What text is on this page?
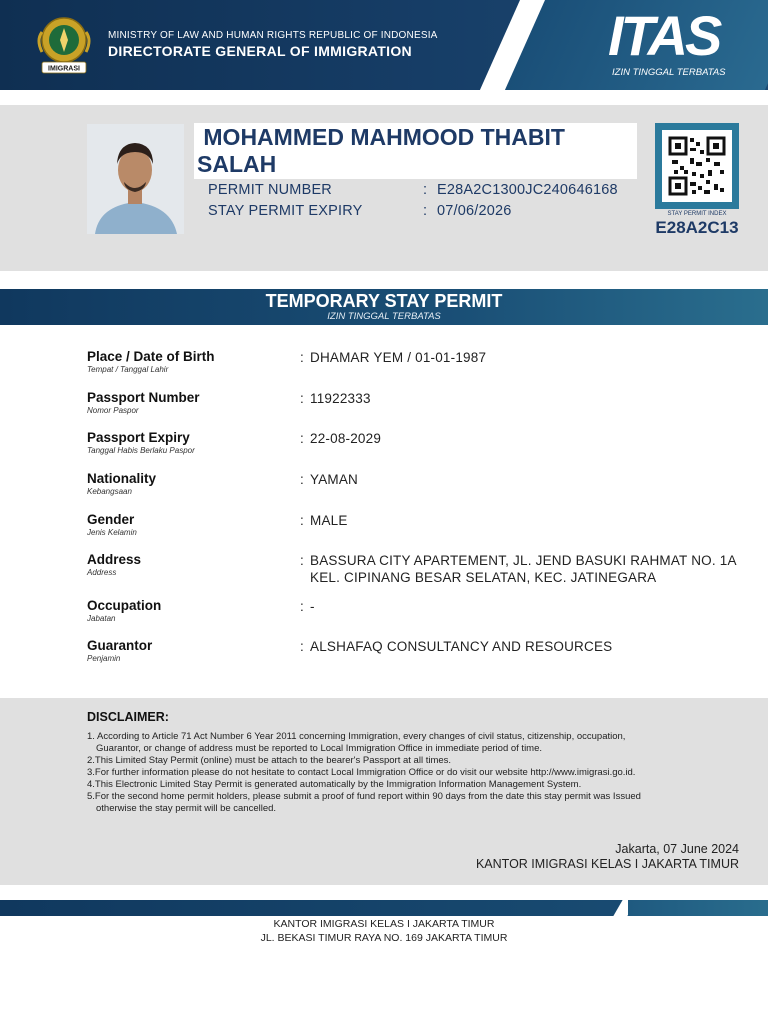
IMIGRASI
MINISTRY OF LAW AND HUMAN RIGHTS REPUBLIC OF INDONESIA
DIRECTORATE GENERAL OF IMMIGRATION	ITAS
IZIN TINGGAL TERBATAS
MOHAMMED MAHMOOD THABIT
SALAH
PERMIT NUMBER	: E28A2C1300JC240646168
STAY PERMIT EXPIRY	: 07/06/2026	STAY PERMIT INDEX
E28A2C13
TEMPORARY STAY PERMIT
IZIN TINGGAL TERBATAS
Place / Date of Birth
Tempat / Tanggal Lahir
: DHAMAR YEM / 01-01-1987
Passport Number
Nomor Paspor
: 11922333
Passport Expiry
Tanggal Habis Berlaku Paspor
: 22-08-2029
Nationality
Kebangsaan
: YAMAN
Gender
Jenis Kelamin
: MALE
Address
Address
: BASSURA CITY APARTEMENT, JL. JEND BASUKI RAHMAT NO. 1A
KEL. CIPINANG BESAR SELATAN, KEC. JATINEGARA
Occupation
Jabatan
: -
Guarantor
Penjamin
: ALSHAFAQ CONSULTANCY AND RESOURCES
DISCLAIMER:
1. According to Article 71 Act Number 6 Year 2011 concerning Immigration, every changes of civil status, citizenship, occupation,
Guarantor, or change of address must be reported to Local Immigration Office in immediate period of time.
2.This Limited Stay Permit (online) must be attach to the bearer's Passport at all times.
3.For further information please do not hesitate to contact Local Immigration Office or do visit our website http://www.imigrasi.go.id.
4.This Electronic Limited Stay Permit is generated automatically by the Immigration Information Management System.
5.For the second home permit holders, please submit a proof of fund report within 90 days from the date this stay permit was Issued
otherwise the stay permit will be cancelled.
Jakarta, 07 June 2024
KANTOR IMIGRASI KELAS I JAKARTA TIMUR
KANTOR IMIGRASI KELAS I JAKARTA TIMUR
JL. BEKASI TIMUR RAYA NO. 169 JAKARTA TIMUR
